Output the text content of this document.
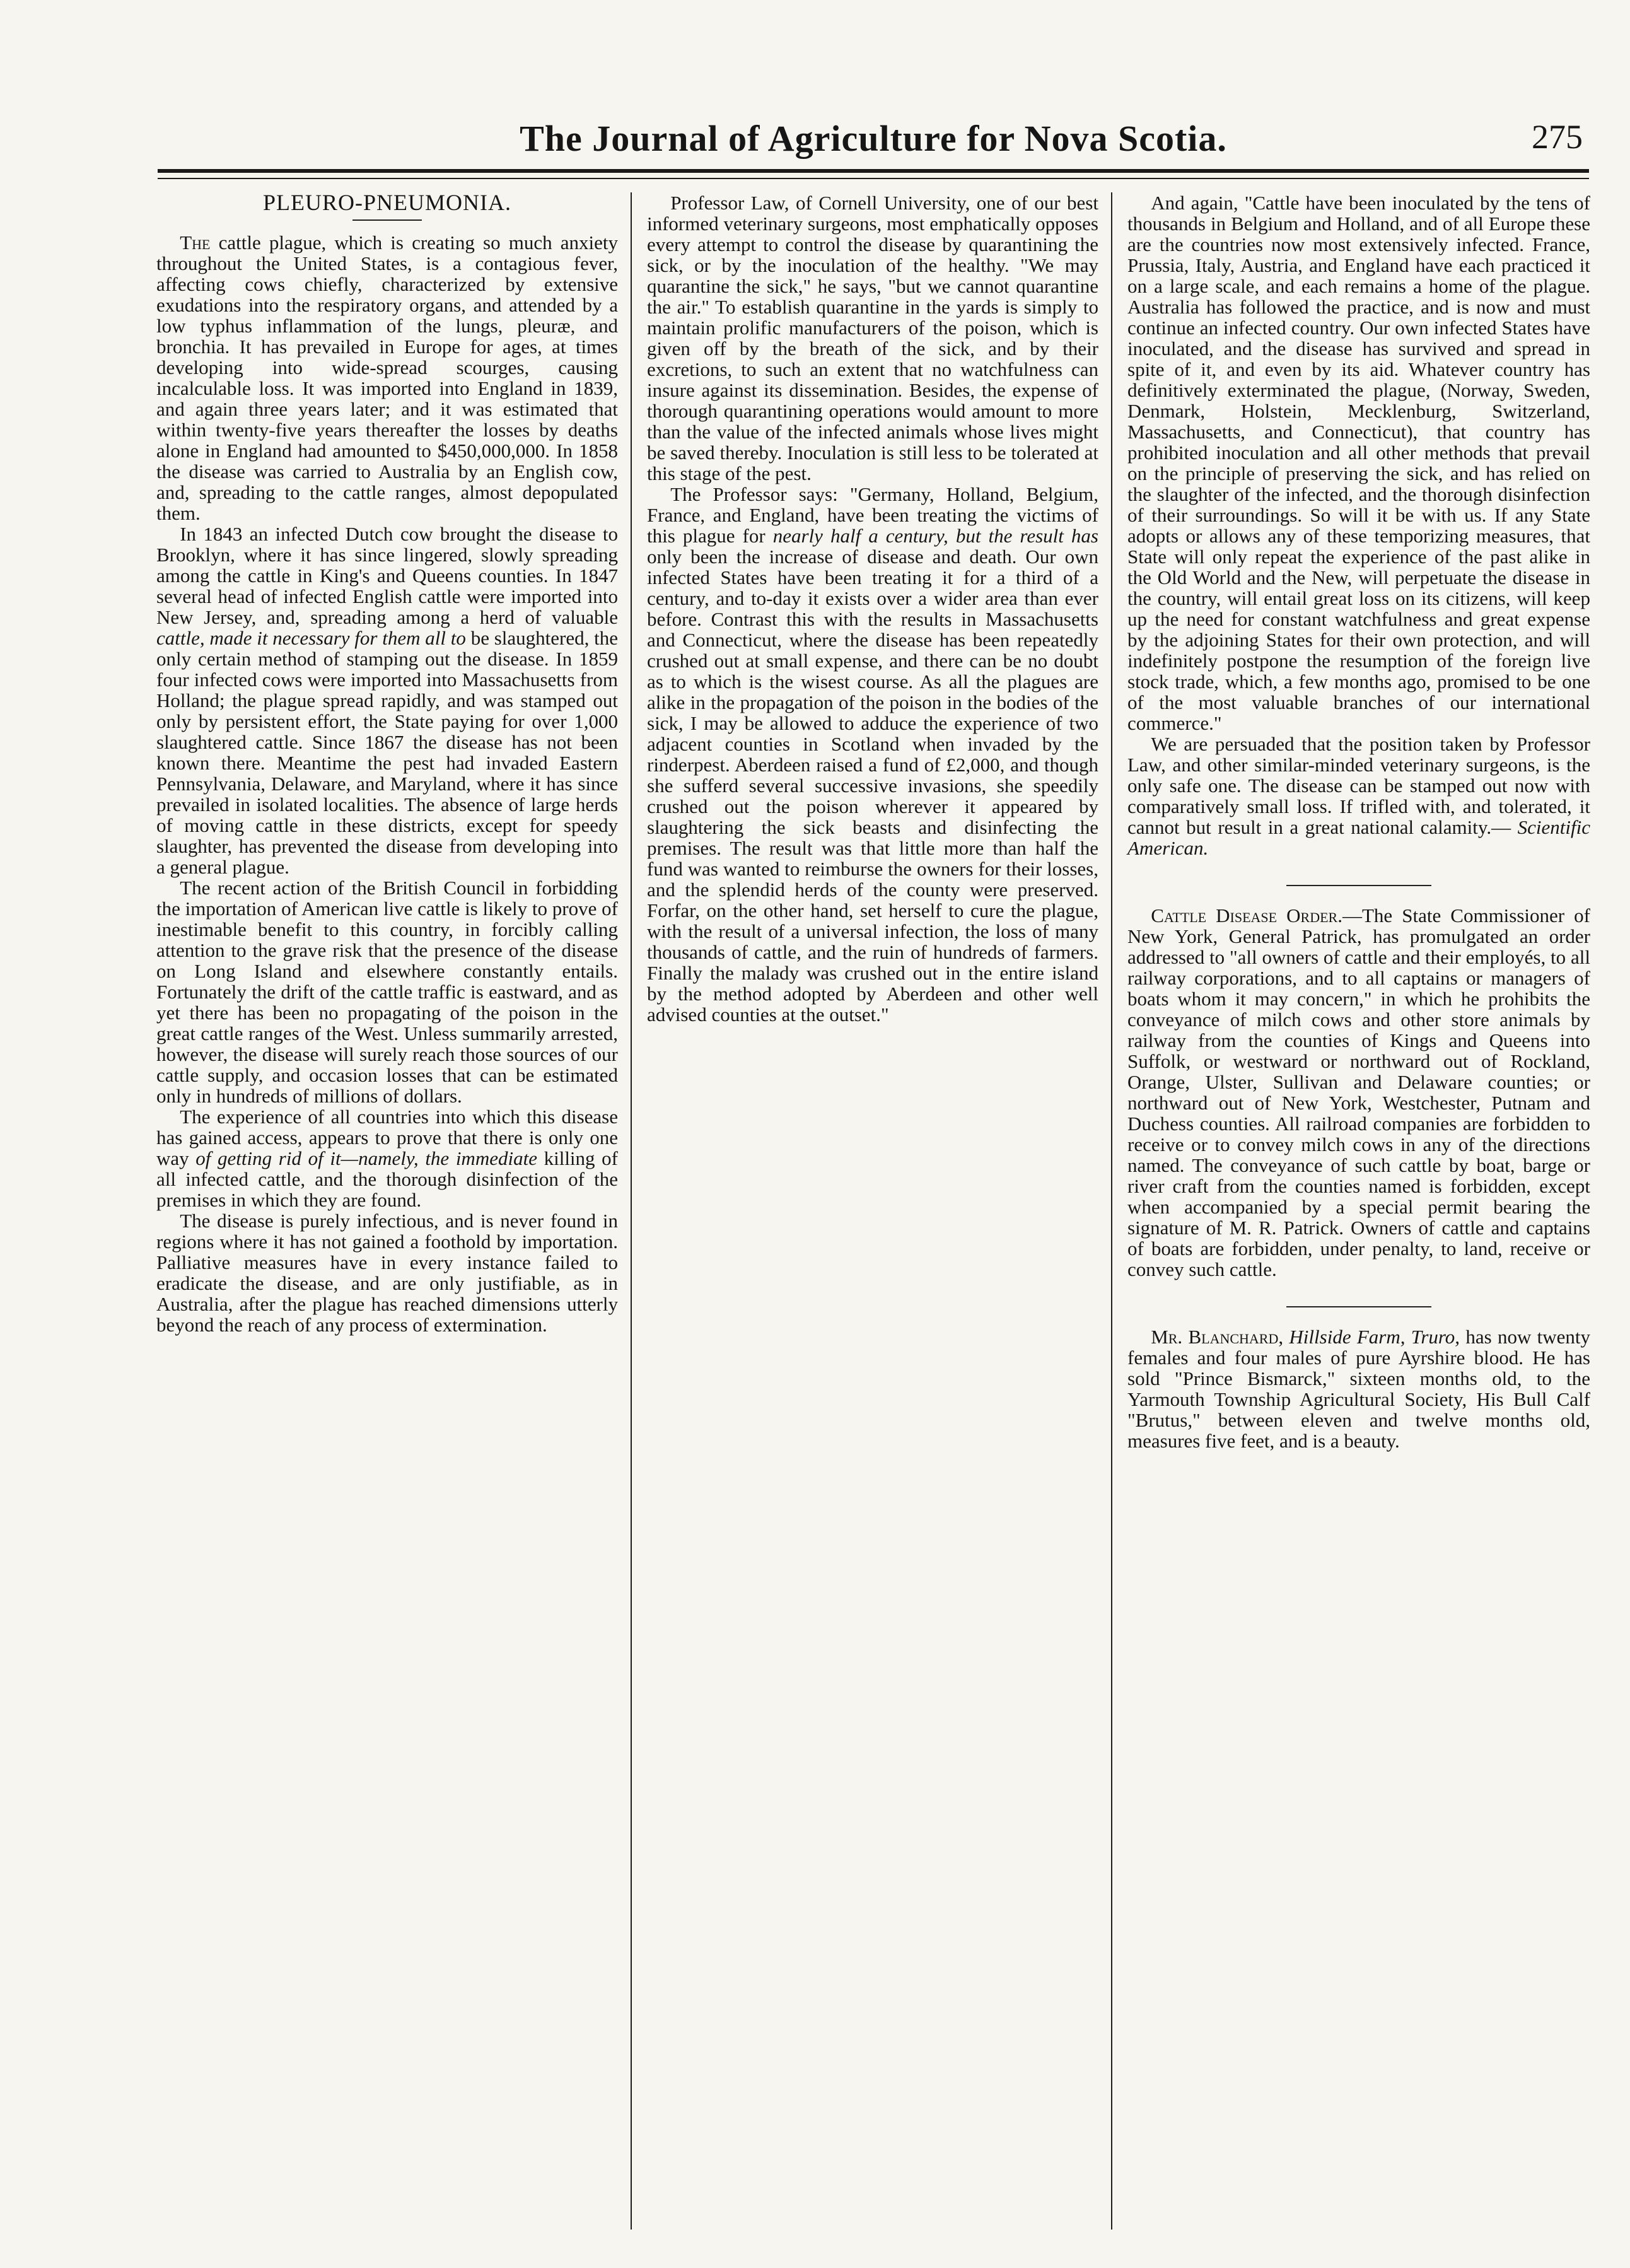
The Journal of Agriculture for Nova Scotia.	275
PLEURO-PNEUMONIA.

The cattle plague, which is creating so much anxiety throughout the United States, is a contagious fever, affecting cows chiefly, characterized by extensive exudations into the respiratory organs, and attended by a low typhus inflammation of the lungs, pleuræ, and bronchia. It has prevailed in Europe for ages, at times developing into wide-spread scourges, causing incalculable loss. It was imported into England in 1839, and again three years later; and it was estimated that within twenty-five years thereafter the losses by deaths alone in England had amounted to $450,000,000. In 1858 the disease was carried to Australia by an English cow, and, spreading to the cattle ranges, almost depopulated them.

In 1843 an infected Dutch cow brought the disease to Brooklyn, where it has since lingered, slowly spreading among the cattle in King's and Queens counties. In 1847 several head of infected English cattle were imported into New Jersey, and, spreading among a herd of valuable cattle, made it necessary for them all to be slaughtered, the only certain method of stamping out the disease. In 1859 four infected cows were imported into Massachusetts from Holland; the plague spread rapidly, and was stamped out only by persistent effort, the State paying for over 1,000 slaughtered cattle. Since 1867 the disease has not been known there. Meantime the pest had invaded Eastern Pennsylvania, Delaware, and Maryland, where it has since prevailed in isolated localities. The absence of large herds of moving cattle in these districts, except for speedy slaughter, has prevented the disease from developing into a general plague.

The recent action of the British Council in forbidding the importation of American live cattle is likely to prove of inestimable benefit to this country, in forcibly calling attention to the grave risk that the presence of the disease on Long Island and elsewhere constantly entails. Fortunately the drift of the cattle traffic is eastward, and as yet there has been no propagating of the poison in the great cattle ranges of the West. Unless summarily arrested, however, the disease will surely reach those sources of our cattle supply, and occasion losses that can be estimated only in hundreds of millions of dollars.

The experience of all countries into which this disease has gained access, appears to prove that there is only one way of getting rid of it—namely, the immediate killing of all infected cattle, and the thorough disinfection of the premises in which they are found.

The disease is purely infectious, and is never found in regions where it has not gained a foothold by importation. Palliative measures have in every instance failed to eradicate the disease, and are only justifiable, as in Australia, after the plague has reached dimensions utterly beyond the reach of any process of extermination.

Professor Law, of Cornell University, one of our best informed veterinary surgeons, most emphatically opposes every attempt to control the disease by quarantining the sick, or by the inoculation of the healthy. "We may quarantine the sick," he says, "but we cannot quarantine the air." To establish quarantine in the yards is simply to maintain prolific manufacturers of the poison, which is given off by the breath of the sick, and by their excretions, to such an extent that no watchfulness can insure against its dissemination. Besides, the expense of thorough quarantining operations would amount to more than the value of the infected animals whose lives might be saved thereby. Inoculation is still less to be tolerated at this stage of the pest.

The Professor says: "Germany, Holland, Belgium, France, and England, have been treating the victims of this plague for nearly half a century, but the result has only been the increase of disease and death. Our own infected States have been treating it for a third of a century, and to-day it exists over a wider area than ever before. Contrast this with the results in Massachusetts and Connecticut, where the disease has been repeatedly crushed out at small expense, and there can be no doubt as to which is the wisest course. As all the plagues are alike in the propagation of the poison in the bodies of the sick, I may be allowed to adduce the experience of two adjacent counties in Scotland when invaded by the rinderpest. Aberdeen raised a fund of £2,000, and though she sufferd several successive invasions, she speedily crushed out the poison wherever it appeared by slaughtering the sick beasts and disinfecting the premises. The result was that little more than half the fund was wanted to reimburse the owners for their losses, and the splendid herds of the county were preserved. Forfar, on the other hand, set herself to cure the plague, with the result of a universal infection, the loss of many thousands of cattle, and the ruin of hundreds of farmers. Finally the malady was crushed out in the entire island by the method adopted by Aberdeen and other well advised counties at the outset."

And again, "Cattle have been inoculated by the tens of thousands in Belgium and Holland, and of all Europe these are the countries now most extensively infected. France, Prussia, Italy, Austria, and England have each practiced it on a large scale, and each remains a home of the plague. Australia has followed the practice, and is now and must continue an infected country. Our own infected States have inoculated, and the disease has survived and spread in spite of it, and even by its aid. Whatever country has definitively exterminated the plague, (Norway, Sweden, Denmark, Holstein, Mecklenburg, Switzerland, Massachusetts, and Connecticut), that country has prohibited inoculation and all other methods that prevail on the principle of preserving the sick, and has relied on the slaughter of the infected, and the thorough disinfection of their surroundings. So will it be with us. If any State adopts or allows any of these temporizing measures, that State will only repeat the experience of the past alike in the Old World and the New, will perpetuate the disease in the country, will entail great loss on its citizens, will keep up the need for constant watchfulness and great expense by the adjoining States for their own protection, and will indefinitely postpone the resumption of the foreign live stock trade, which, a few months ago, promised to be one of the most valuable branches of our international commerce."

We are persuaded that the position taken by Professor Law, and other similar-minded veterinary surgeons, is the only safe one. The disease can be stamped out now with comparatively small loss. If trifled with, and tolerated, it cannot but result in a great national calamity.— Scientific American.

Cattle Disease Order.—The State Commissioner of New York, General Patrick, has promulgated an order addressed to "all owners of cattle and their employés, to all railway corporations, and to all captains or managers of boats whom it may concern," in which he prohibits the conveyance of milch cows and other store animals by railway from the counties of Kings and Queens into Suffolk, or westward or northward out of Rockland, Orange, Ulster, Sullivan and Delaware counties; or northward out of New York, Westchester, Putnam and Duchess counties. All railroad companies are forbidden to receive or to convey milch cows in any of the directions named. The conveyance of such cattle by boat, barge or river craft from the counties named is forbidden, except when accompanied by a special permit bearing the signature of M. R. Patrick. Owners of cattle and captains of boats are forbidden, under penalty, to land, receive or convey such cattle.

Mr. Blanchard, Hillside Farm, Truro, has now twenty females and four males of pure Ayrshire blood. He has sold "Prince Bismarck," sixteen months old, to the Yarmouth Township Agricultural Society, His Bull Calf "Brutus," between eleven and twelve months old, measures five feet, and is a beauty.
